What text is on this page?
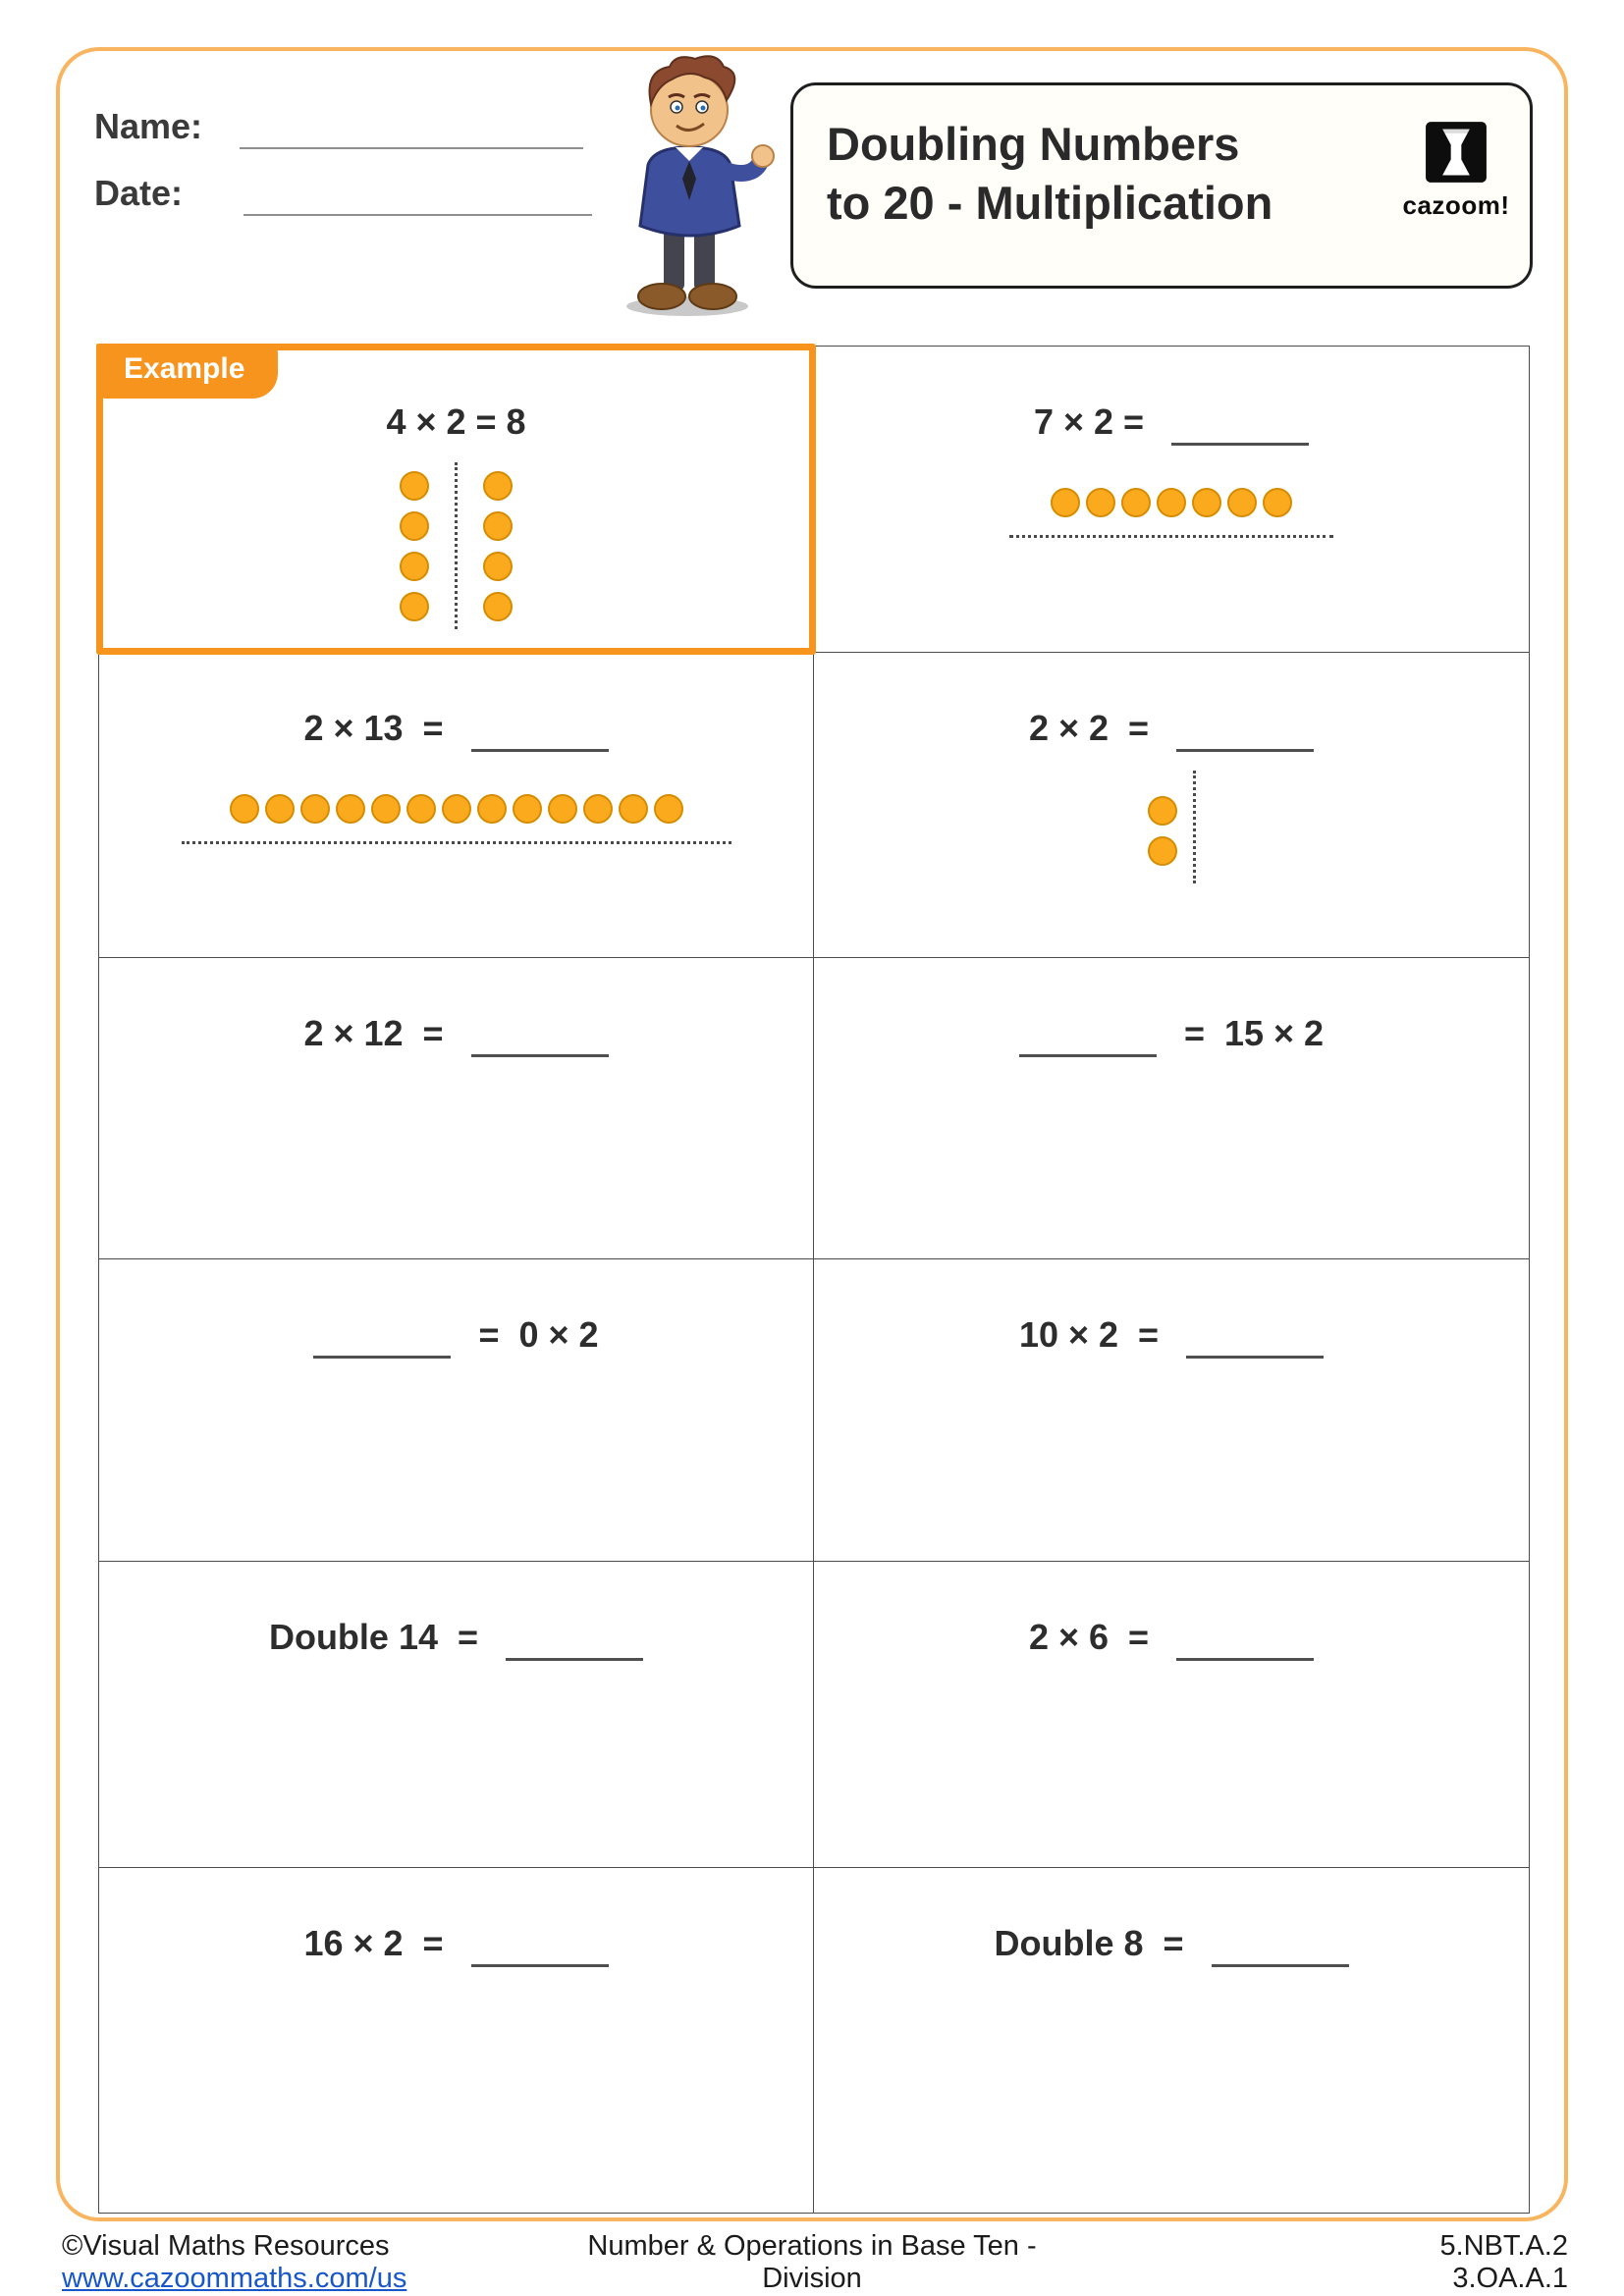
Name:
Date:
Doubling Numbers
to 20 - Multiplication	cazoom!
Example
4 × 2 = 8	7 × 2 =
2 × 13  =	2 × 2  =
2 × 12  =	=  15 × 2
=  0 × 2	10 × 2  =
Double 14  =	2 × 6  =
16 × 2  =	Double 8  =
©Visual Maths Resources
www.cazoommaths.com/us
Number & Operations in Base Ten -
Division
5.NBT.A.2
3.OA.A.1
